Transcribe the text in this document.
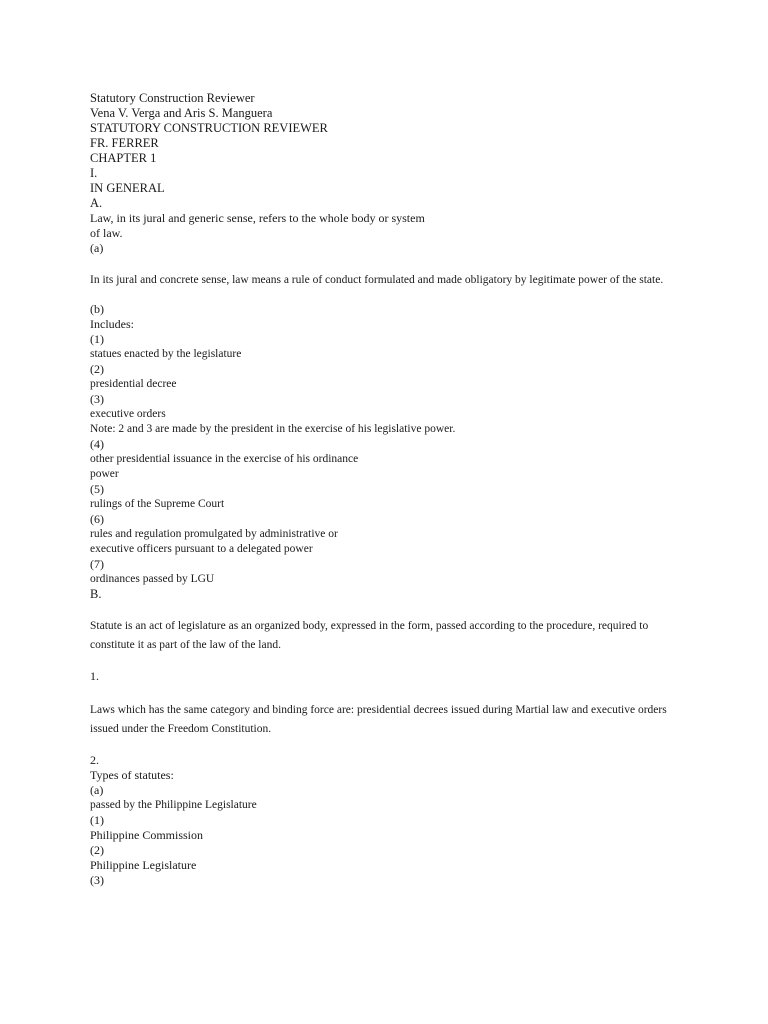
Statutory Construction Reviewer
Vena V. Verga and Aris S. Manguera
STATUTORY CONSTRUCTION REVIEWER
FR. FERRER
CHAPTER 1
I.
IN GENERAL
A.
Law, in its jural and generic sense, refers to the whole body or system
of law.
(a)
In its jural and concrete sense, law means a rule of conduct formulated and made obligatory by legitimate power of the state.
(b)
Includes:
(1)
statues enacted by the legislature
(2)
presidential decree
(3)
executive orders
Note: 2 and 3 are made by the president in the exercise of his legislative power.
(4)
other presidential issuance in the exercise of his ordinance
power
(5)
rulings of the Supreme Court
(6)
rules and regulation promulgated by administrative or
executive officers pursuant to a delegated power
(7)
ordinances passed by LGU
B.
Statute is an act of legislature as an organized body, expressed in the form, passed according to the procedure, required to constitute it as part of the law of the land.
1.
Laws which has the same category and binding force are: presidential decrees issued during Martial law and executive orders issued under the Freedom Constitution.
2.
Types of statutes:
(a)
passed by the Philippine Legislature
(1)
Philippine Commission
(2)
Philippine Legislature
(3)
